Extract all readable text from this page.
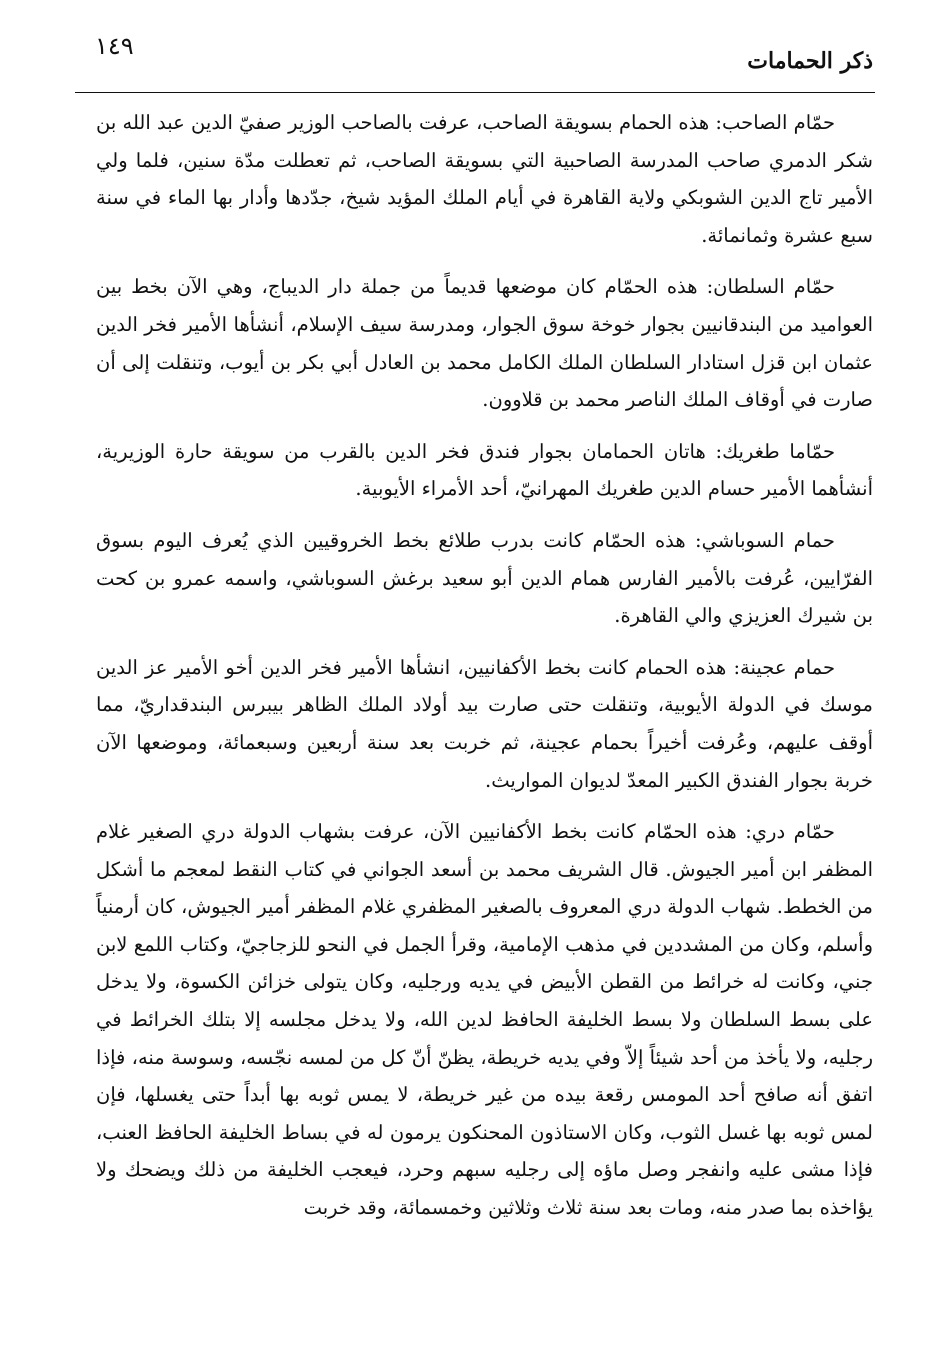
١٤٩
ذكر الحمامات

حمّام الصاحب: هذه الحمام بسويقة الصاحب، عرفت بالصاحب الوزير صفيّ الدين عبد الله بن شكر الدمري صاحب المدرسة الصاحبية التي بسويقة الصاحب، ثم تعطلت مدّة سنين، فلما ولي الأمير تاج الدين الشوبكي ولاية القاهرة في أيام الملك المؤيد شيخ، جدّدها وأدار بها الماء في سنة سبع عشرة وثمانمائة.

حمّام السلطان: هذه الحمّام كان موضعها قديماً من جملة دار الديباج، وهي الآن بخط بين العواميد من البندقانيين بجوار خوخة سوق الجوار، ومدرسة سيف الإسلام، أنشأها الأمير فخر الدين عثمان ابن قزل استادار السلطان الملك الكامل محمد بن العادل أبي بكر بن أيوب، وتنقلت إلى أن صارت في أوقاف الملك الناصر محمد بن قلاوون.

حمّاما طغريك: هاتان الحمامان بجوار فندق فخر الدين بالقرب من سويقة حارة الوزيرية، أنشأهما الأمير حسام الدين طغريك المهرانيّ، أحد الأمراء الأيوبية.

حمام السوباشي: هذه الحمّام كانت بدرب طلائع بخط الخروقيين الذي يُعرف اليوم بسوق الفرّايين، عُرفت بالأمير الفارس همام الدين أبو سعيد برغش السوباشي، واسمه عمرو بن كحت بن شيرك العزيزي والي القاهرة.

حمام عجينة: هذه الحمام كانت بخط الأكفانيين، انشأها الأمير فخر الدين أخو الأمير عز الدين موسك في الدولة الأيوبية، وتنقلت حتى صارت بيد أولاد الملك الظاهر بيبرس البندقداريّ، مما أوقف عليهم، وعُرفت أخيراً بحمام عجينة، ثم خربت بعد سنة أربعين وسبعمائة، وموضعها الآن خربة بجوار الفندق الكبير المعدّ لديوان المواريث.

حمّام دري: هذه الحمّام كانت بخط الأكفانيين الآن، عرفت بشهاب الدولة دري الصغير غلام المظفر ابن أمير الجيوش. قال الشريف محمد بن أسعد الجواني في كتاب النقط لمعجم ما أشكل من الخطط. شهاب الدولة دري المعروف بالصغير المظفري غلام المظفر أمير الجيوش، كان أرمنياً وأسلم، وكان من المشددين في مذهب الإمامية، وقرأ الجمل في النحو للزجاجيّ، وكتاب اللمع لابن جني، وكانت له خرائط من القطن الأبيض في يديه ورجليه، وكان يتولى خزائن الكسوة، ولا يدخل على بسط السلطان ولا بسط الخليفة الحافظ لدين الله، ولا يدخل مجلسه إلا بتلك الخرائط في رجليه، ولا يأخذ من أحد شيئاً إلاّ وفي يديه خريطة، يظنّ أنّ كل من لمسه نجّسه، وسوسة منه، فإذا اتفق أنه صافح أحد المومس رقعة بيده من غير خريطة، لا يمس ثوبه بها أبداً حتى يغسلها، فإن لمس ثوبه بها غسل الثوب، وكان الاستاذون المحنكون يرمون له في بساط الخليفة الحافظ العنب، فإذا مشى عليه وانفجر وصل ماؤه إلى رجليه سبهم وحرد، فيعجب الخليفة من ذلك ويضحك ولا يؤاخذه بما صدر منه، ومات بعد سنة ثلاث وثلاثين وخمسمائة، وقد خربت
